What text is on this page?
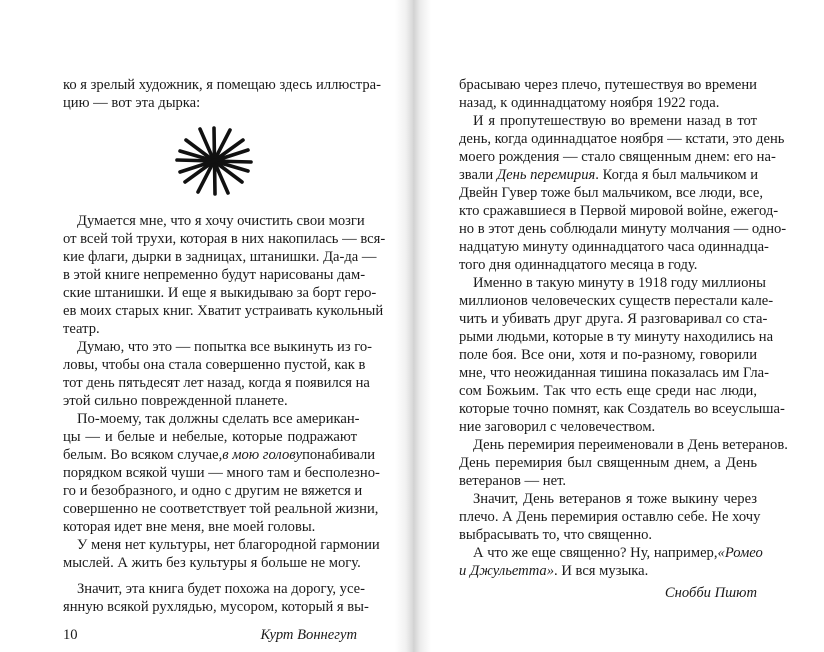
ко я зрелый художник, я помещаю здесь иллюстра-
цию — вот эта дырка:
Думается мне, что я хочу очистить свои мозги
от всей той трухи, которая в них накопилась — вся-
кие флаги, дырки в задницах, штанишки. Да-да —
в этой книге непременно будут нарисованы дам-
ские штанишки. И еще я выкидываю за борт геро-
ев моих старых книг. Хватит устраивать кукольный
театр.
Думаю, что это — попытка все выкинуть из го-
ловы, чтобы она стала совершенно пустой, как в
тот день пятьдесят лет назад, когда я появился на
этой сильно поврежденной планете.
По-моему, так должны сделать все американ-
цы — и белые и небелые, которые подражают
белым. Во всяком случае, в мою голову понабивали
порядком всякой чуши — много там и бесполезно-
го и безобразного, и одно с другим не вяжется и
совершенно не соответствует той реальной жизни,
которая идет вне меня, вне моей головы.
У меня нет культуры, нет благородной гармонии
мыслей. А жить без культуры я больше не могу.
Значит, эта книга будет похожа на дорогу, усе-
янную всякой рухлядью, мусором, который я вы-
10	Курт Воннегут
брасываю через плечо, путешествуя во времени
назад, к одиннадцатому ноября 1922 года.
И я пропутешествую во времени назад в тот
день, когда одиннадцатое ноября — кстати, это день
моего рождения — стало священным днем: его на-
звали День перемирия. Когда я был мальчиком и
Двейн Гувер тоже был мальчиком, все люди, все,
кто сражавшиеся в Первой мировой войне, ежегод-
но в этот день соблюдали минуту молчания — одно-
надцатую минуту одиннадцатого часа одиннадца-
того дня одиннадцатого месяца в году.
Именно в такую минуту в 1918 году миллионы
миллионов человеческих существ перестали калe-
чить и убивать друг друга. Я разговаривал со ста-
рыми людьми, которые в ту минуту находились на
поле боя. Все они, хотя и по-разному, говорили
мне, что неожиданная тишина показалась им Гла-
сом Божьим. Так что есть еще среди нас люди,
которые точно помнят, как Создатель во всеуслыша-
ние заговорил с человечеством.
День перемирия переименовали в День ветеранов.
День перемирия был священным днем, а День
ветеранов — нет.
Значит, День ветеранов я тоже выкину через
плечо. А День перемирия оставлю себе. Не хочу
выбрасывать то, что священно.
А что же еще священно? Ну, например, «Ромео
и Джульетта». И вся музыка.
Снобби Пшют
